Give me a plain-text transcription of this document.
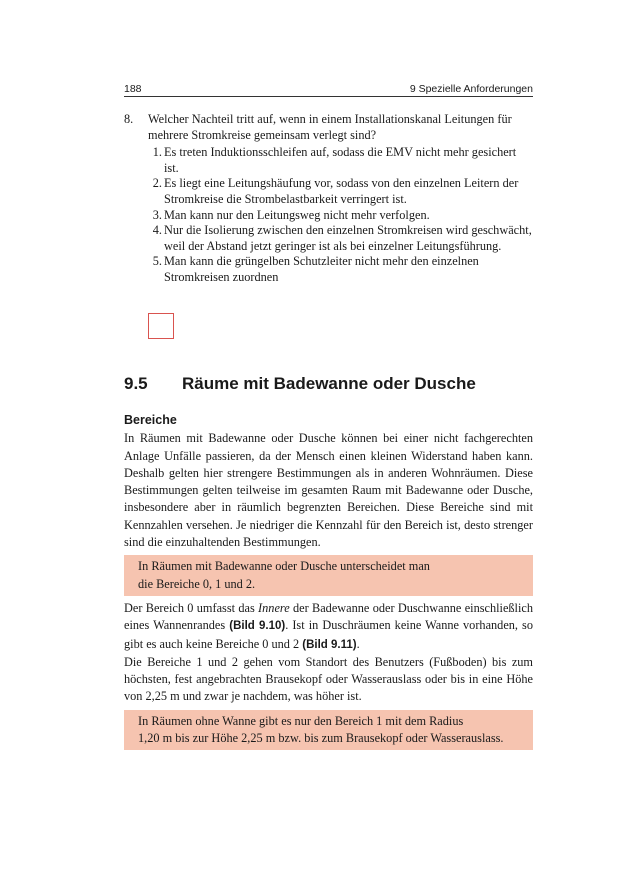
188	9 Spezielle Anforderungen
8. Welcher Nachteil tritt auf, wenn in einem Installationskanal Leitungen für mehrere Stromkreise gemeinsam verlegt sind?
1. Es treten Induktionsschleifen auf, sodass die EMV nicht mehr gesichert ist.
2. Es liegt eine Leitungshäufung vor, sodass von den einzelnen Leitern der Stromkreise die Strombelastbarkeit verringert ist.
3. Man kann nur den Leitungsweg nicht mehr verfolgen.
4. Nur die Isolierung zwischen den einzelnen Stromkreisen wird geschwächt, weil der Abstand jetzt geringer ist als bei einzelner Leitungsführung.
5. Man kann die grüngelben Schutzleiter nicht mehr den einzelnen Stromkreisen zuordnen
9.5 Räume mit Badewanne oder Dusche
Bereiche

In Räumen mit Badewanne oder Dusche können bei einer nicht fachgerechten Anlage Unfälle passieren, da der Mensch einen kleinen Widerstand haben kann. Deshalb gelten hier strengere Bestimmungen als in anderen Wohnräumen. Diese Bestimmungen gelten teilweise im gesamten Raum mit Badewanne oder Dusche, insbesondere aber in räumlich begrenzten Bereichen. Diese Bereiche sind mit Kennzahlen versehen. Je niedriger die Kennzahl für den Bereich ist, desto strenger sind die einzuhaltenden Bestimmungen.

In Räumen mit Badewanne oder Dusche unterscheidet man
die Bereiche 0, 1 und 2.

Der Bereich 0 umfasst das Innere der Badewanne oder Duschwanne einschließlich eines Wannenrandes (Bild 9.10). Ist in Duschräumen keine Wanne vorhanden, so gibt es auch keine Bereiche 0 und 2 (Bild 9.11).

Die Bereiche 1 und 2 gehen vom Standort des Benutzers (Fußboden) bis zum höchsten, fest angebrachten Brausekopf oder Wasserauslass oder bis in eine Höhe von 2,25 m und zwar je nachdem, was höher ist.

In Räumen ohne Wanne gibt es nur den Bereich 1 mit dem Radius
1,20 m bis zur Höhe 2,25 m bzw. bis zum Brausekopf oder Wasserauslass.
